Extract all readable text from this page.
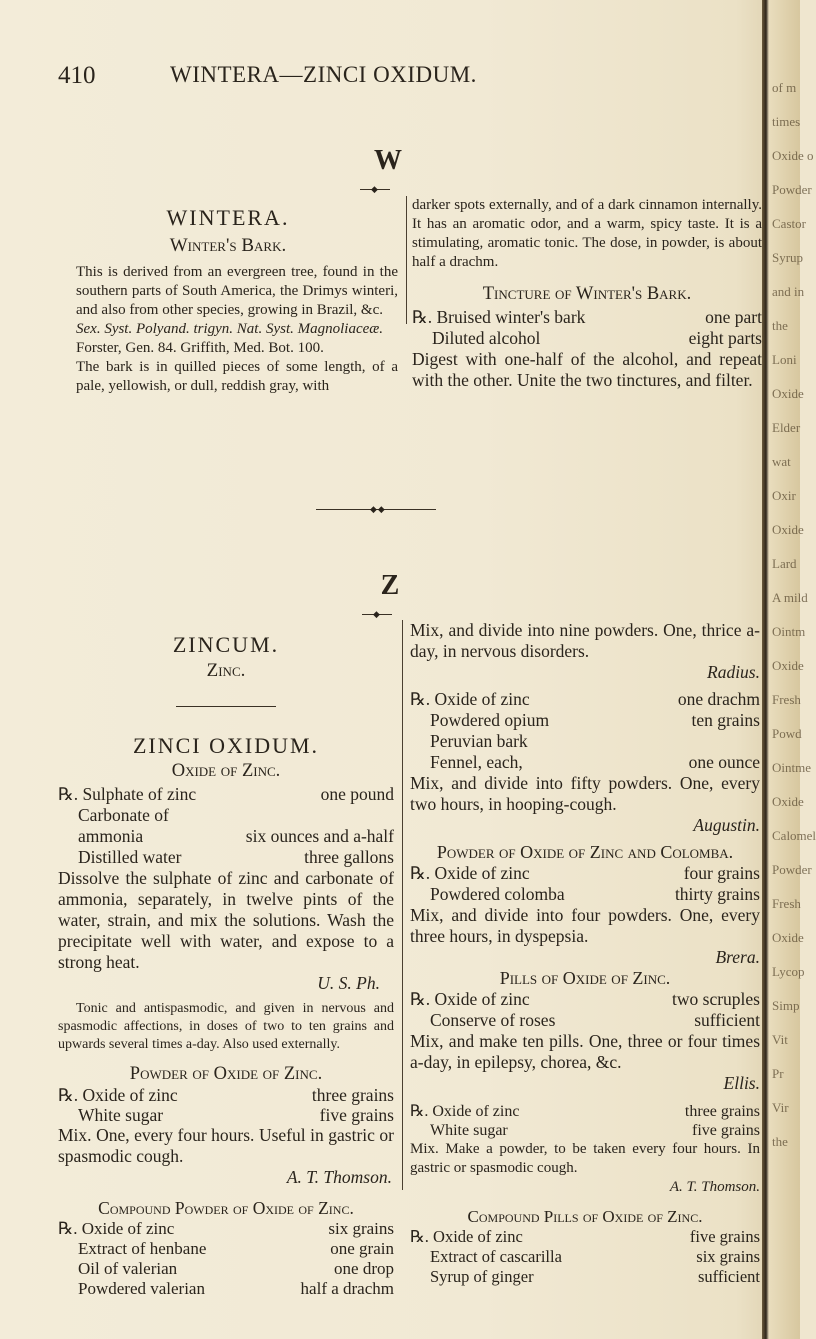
of m
times
Oxide o
Powder
Castor
Syrup
and in
the
Loni
Oxide
Elder
wat
Oxir
Oxide
Lard
A mild
Ointm
Oxide
Fresh
Powd
Ointme
Oxide
Calomel
Powder
Fresh
Oxide
Lycop
Simp
Vit
Pr
Vir
the
410	WINTERA—ZINCI OXIDUM.
W
◆
WINTERA.
Winter's Bark.
This is derived from an evergreen tree, found in the southern parts of South America, the Drimys winteri, and also from other species, growing in Brazil, &c.
Sex. Syst. Polyand. trigyn. Nat. Syst. Magnoliaceæ.
Forster, Gen. 84. Griffith, Med. Bot. 100.
The bark is in quilled pieces of some length, of a pale, yellowish, or dull, reddish gray, with
darker spots externally, and of a dark cinnamon internally. It has an aromatic odor, and a warm, spicy taste. It is a stimulating, aromatic tonic. The dose, in powder, is about half a drachm.
Tincture of Winter's Bark.
℞. Bruised winter's bark	one part
Diluted alcohol	eight parts
Digest with one-half of the alcohol, and repeat with the other. Unite the two tinctures, and filter.
◆◆
Z
◆
ZINCUM.
Zinc.
ZINCI OXIDUM.
Oxide of Zinc.
℞. Sulphate of zinc	one pound
Carbonate of
ammonia	six ounces and a-half
Distilled water	three gallons
Dissolve the sulphate of zinc and carbonate of ammonia, separately, in twelve pints of the water, strain, and mix the solutions. Wash the precipitate well with water, and expose to a strong heat.
U. S. Ph.
Tonic and antispasmodic, and given in nervous and spasmodic affections, in doses of two to ten grains and upwards several times a-day. Also used externally.
Powder of Oxide of Zinc.
℞. Oxide of zinc	three grains
White sugar	five grains
Mix. One, every four hours. Useful in gastric or spasmodic cough.
A. T. Thomson.
Compound Powder of Oxide of Zinc.
℞. Oxide of zinc	six grains
Extract of henbane	one grain
Oil of valerian	one drop
Powdered valerian	half a drachm
Mix, and divide into nine powders. One, thrice a-day, in nervous disorders.
Radius.
℞. Oxide of zinc	one drachm
Powdered opium	ten grains
Peruvian bark
Fennel, each,	one ounce
Mix, and divide into fifty powders. One, every two hours, in hooping-cough.
Augustin.
Powder of Oxide of Zinc and Colomba.
℞. Oxide of zinc	four grains
Powdered colomba	thirty grains
Mix, and divide into four powders. One, every three hours, in dyspepsia.
Brera.
Pills of Oxide of Zinc.
℞. Oxide of zinc	two scruples
Conserve of roses	sufficient
Mix, and make ten pills. One, three or four times a-day, in epilepsy, chorea, &c.
Ellis.
℞. Oxide of zinc	three grains
White sugar	five grains
Mix. Make a powder, to be taken every four hours. In gastric or spasmodic cough.
A. T. Thomson.
Compound Pills of Oxide of Zinc.
℞. Oxide of zinc	five grains
Extract of cascarilla	six grains
Syrup of ginger	sufficient
